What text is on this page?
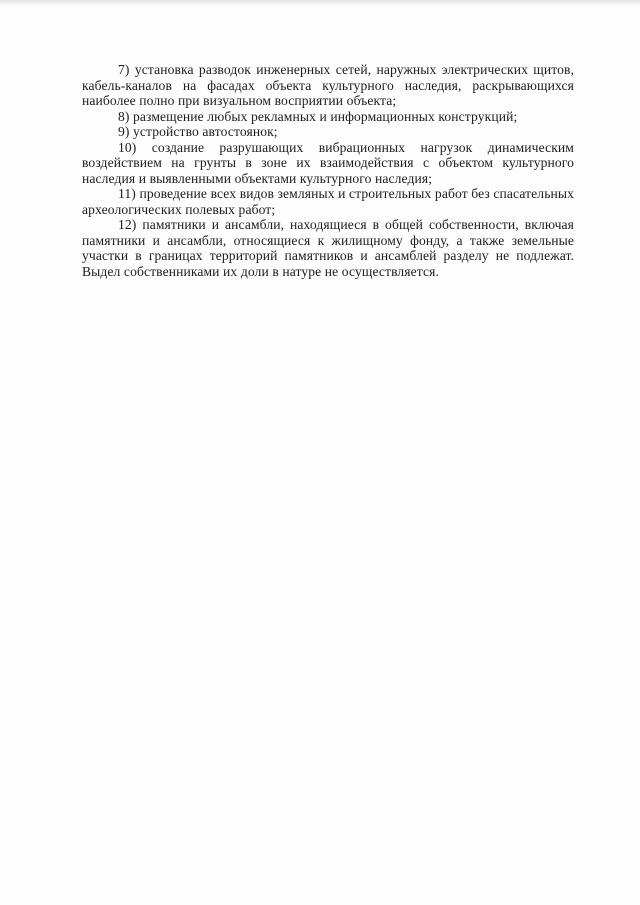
7) установка разводок инженерных сетей, наружных электрических щитов, кабель-каналов на фасадах объекта культурного наследия, раскрывающихся наиболее полно при визуальном восприятии объекта;

8) размещение любых рекламных и информационных конструкций;

9) устройство автостоянок;

10) создание разрушающих вибрационных нагрузок динамическим воздействием на грунты в зоне их взаимодействия с объектом культурного наследия и выявленными объектами культурного наследия;

11) проведение всех видов земляных и строительных работ без спасательных археологических полевых работ;

12) памятники и ансамбли, находящиеся в общей собственности, включая памятники и ансамбли, относящиеся к жилищному фонду, а также земельные участки в границах территорий памятников и ансамблей разделу не подлежат. Выдел собственниками их доли в натуре не осуществляется.
